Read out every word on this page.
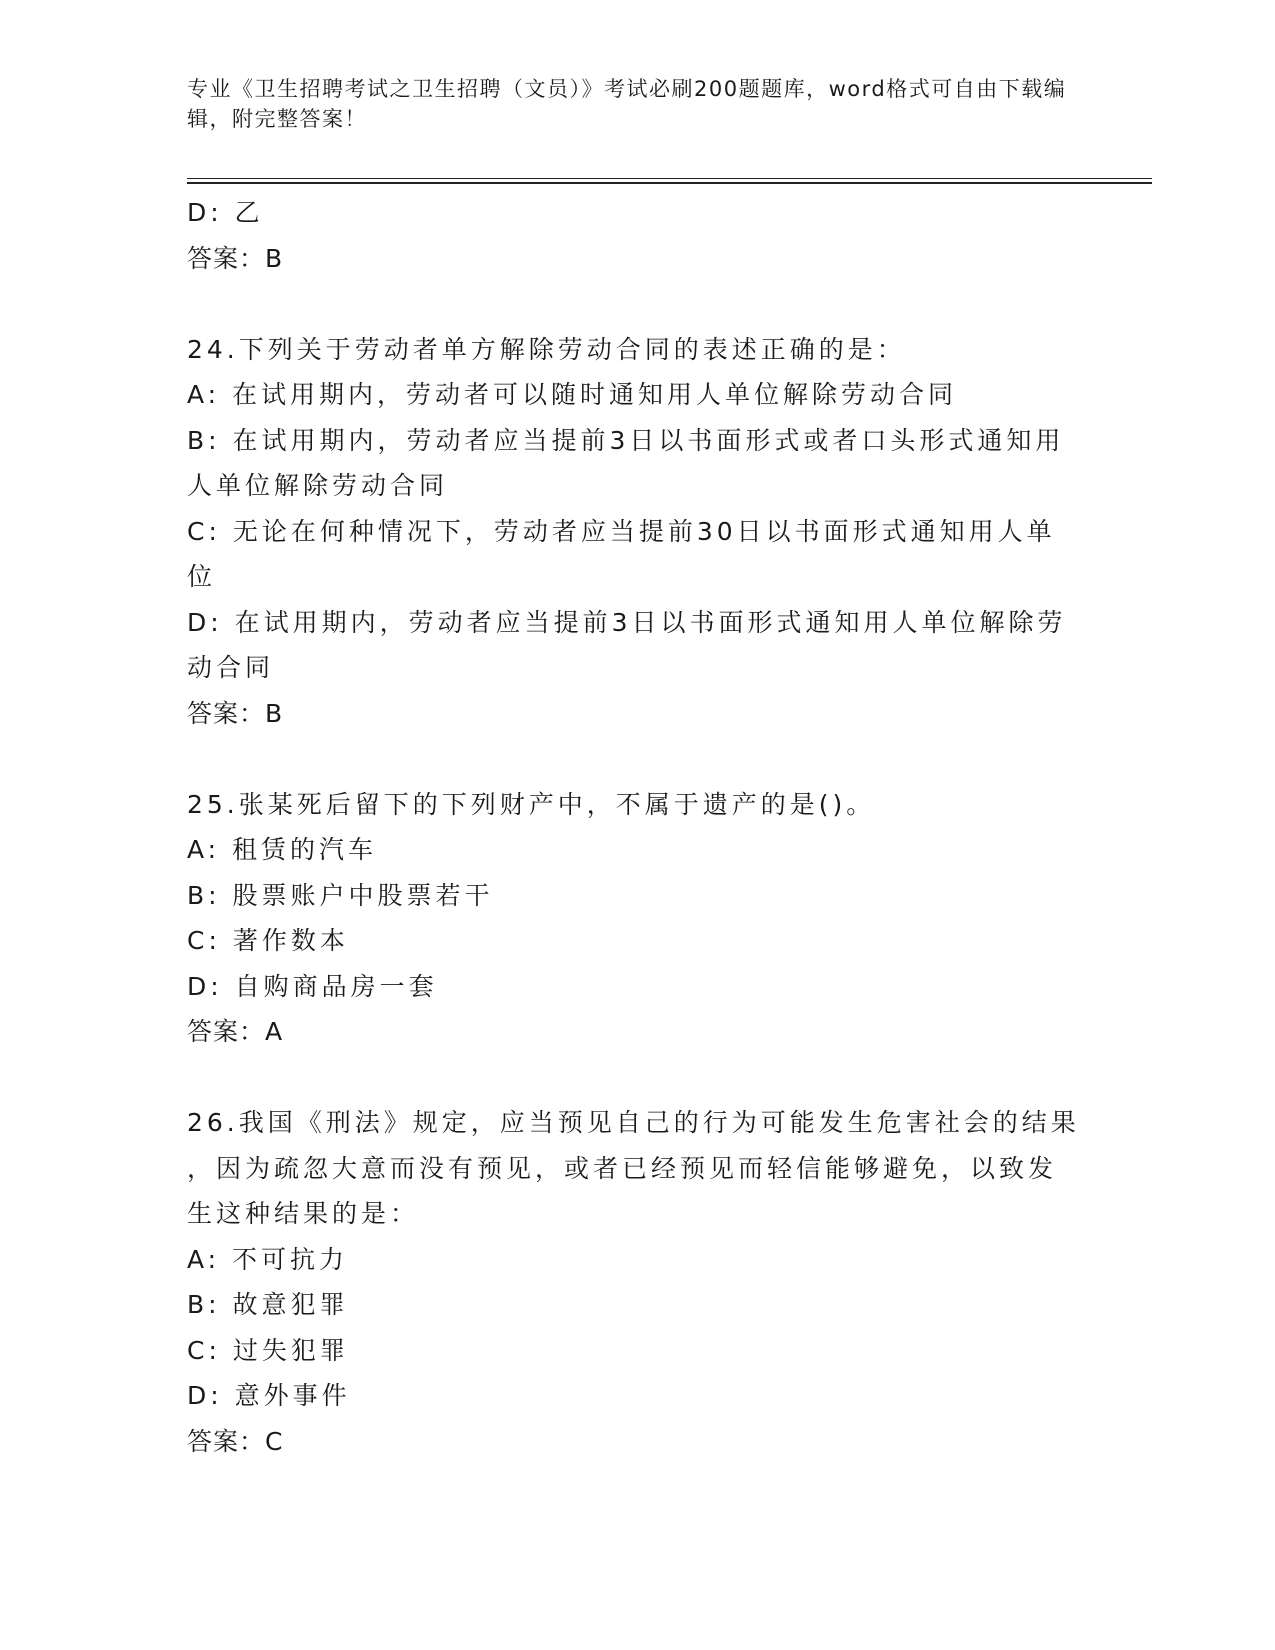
专业《卫生招聘考试之卫生招聘（文员）》考试必刷200题题库，word格式可自由下载编辑，附完整答案！
D: 乙
答案：B
24.下列关于劳动者单方解除劳动合同的表述正确的是：
A: 在试用期内，劳动者可以随时通知用人单位解除劳动合同
B: 在试用期内，劳动者应当提前3日以书面形式或者口头形式通知用
人单位解除劳动合同
C: 无论在何种情况下，劳动者应当提前30日以书面形式通知用人单
位
D: 在试用期内，劳动者应当提前3日以书面形式通知用人单位解除劳
动合同
答案：B
25.张某死后留下的下列财产中，不属于遗产的是()。
A: 租赁的汽车
B: 股票账户中股票若干
C: 著作数本
D: 自购商品房一套
答案：A
26.我国《刑法》规定，应当预见自己的行为可能发生危害社会的结果
，因为疏忽大意而没有预见，或者已经预见而轻信能够避免，以致发
生这种结果的是：
A: 不可抗力
B: 故意犯罪
C: 过失犯罪
D: 意外事件
答案：C
